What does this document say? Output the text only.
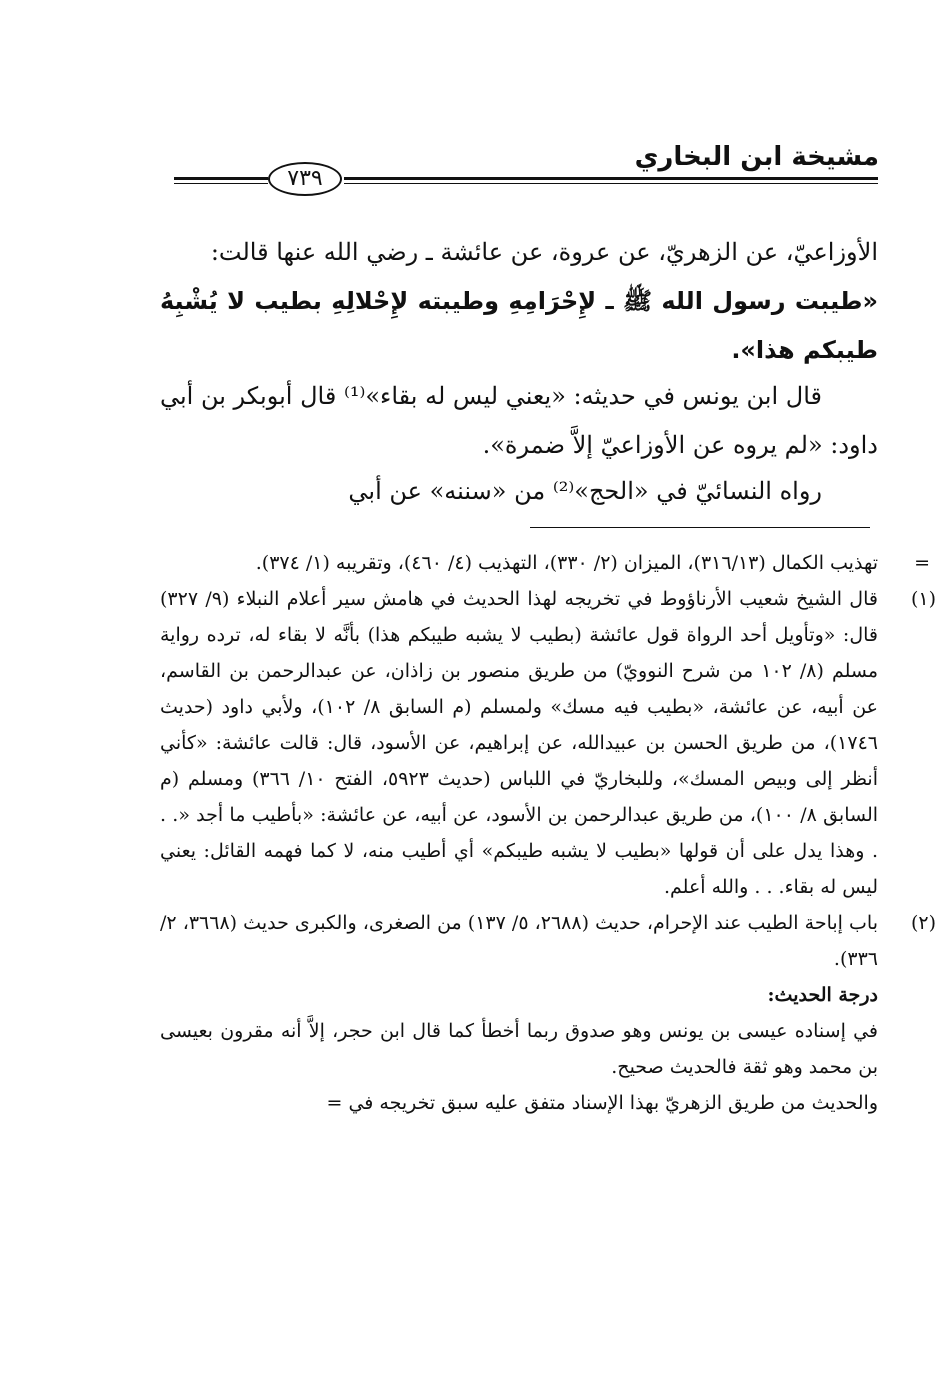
مشيخة ابن البخاري
٧٣٩

الأوزاعيّ، عن الزهريّ، عن عروة، عن عائشة ـ رضي الله عنها قالت:

«طيبت رسول الله ﷺ ـ لإِحْرَامِهِ وطيبته لإِحْلالِهِ بطيب لا يُشْبِهُ طيبكم هذا».

قال ابن يونس في حديثه: «يعني ليس له بقاء»⁽¹⁾ قال أبوبكر بن أبي داود: «لم يروه عن الأوزاعيّ إلاَّ ضمرة».

رواه النسائيّ في «الحج»⁽²⁾ من «سننه» عن أبي

=
تهذيب الكمال (٣١٦/١٣)، الميزان (٢/ ٣٣٠)، التهذيب (٤/ ٤٦٠)، وتقريبه (١/ ٣٧٤).
(١)
قال الشيخ شعيب الأرناؤوط في تخريجه لهذا الحديث في هامش سير أعلام النبلاء (٩/ ٣٢٧) قال: «وتأويل أحد الرواة قول عائشة (بطيب لا يشبه طيبكم هذا) بأنَّه لا بقاء له، ترده رواية مسلم (٨/ ١٠٢ من شرح النوويّ) من طريق منصور بن زاذان، عن عبدالرحمن بن القاسم، عن أبيه، عن عائشة، «بطيب فيه مسك» ولمسلم (م السابق ٨/ ١٠٢)، ولأبي داود (حديث ١٧٤٦)، من طريق الحسن بن عبيدالله، عن إبراهيم، عن الأسود، قال: قالت عائشة: «كأني أنظر إلى وبيص المسك»، وللبخاريّ في اللباس (حديث ٥٩٢٣، الفتح ١٠/ ٣٦٦) ومسلم (م السابق ٨/ ١٠٠)، من طريق عبدالرحمن بن الأسود، عن أبيه، عن عائشة: «بأطيب ما أجد «. . . وهذا يدل على أن قولها «بطيب لا يشبه طيبكم» أي أطيب منه، لا كما فهمه القائل: يعني ليس له بقاء. . . والله أعلم.
(٢)
باب إباحة الطيب عند الإحرام، حديث (٢٦٨٨، ٥/ ١٣٧) من الصغرى، والكبرى حديث (٣٦٦٨، ٢/ ٣٣٦).

درجة الحديث:

في إسناده عيسى بن يونس وهو صدوق ربما أخطأ كما قال ابن حجر، إلاَّ أنه مقرون بعيسى بن محمد وهو ثقة فالحديث صحيح.

والحديث من طريق الزهريّ بهذا الإسناد متفق عليه سبق تخريجه في =
